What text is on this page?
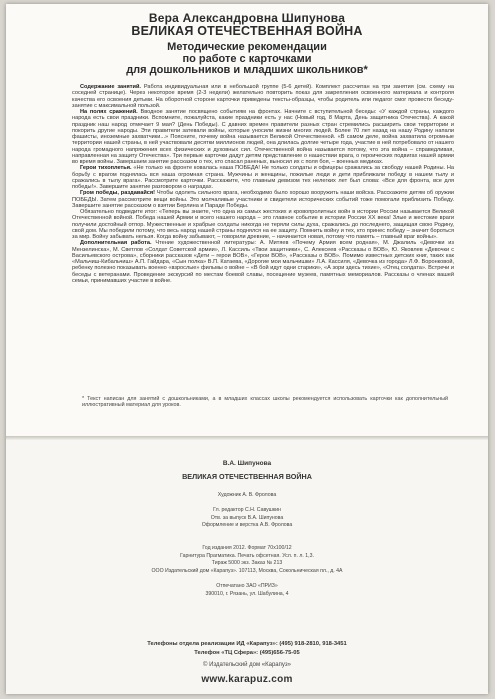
Вера Александровна Шипунова
ВЕЛИКАЯ ОТЕЧЕСТВЕННАЯ ВОЙНА
Методические рекомендации
по работе с карточками
для дошкольников и младших школьников*

Содержание занятий. Работа индивидуальная или в небольшой группе (5-6 детей). Комплект рассчитан на три занятия (см. схему на соседней странице). Через некоторое время (2-3 недели) желательно повторить показ для закрепления освоенного материала и контроля качества его освоения детьми. На оборотной стороне карточки приведены тексты-образцы, чтобы родитель или педагог смог провести беседу-занятие с максимальной пользой.

На полях сражений. Вводное занятие посвящено событиям на фронтах. Начните с вступительной беседы: «У каждой страны, каждого народа есть свои праздники. Вспомните, пожалуйста, какие праздники есть у нас (Новый год, 8 Марта, День защитника Отечества). А какой праздник наш народ отмечает 9 мая? (День Победы). С давних времен правители разных стран стремились расширить свои территории и покорить другие народы. Эти правители затевали войны, которые уносили жизни многих людей. Более 70 лет назад на нашу Родину напали фашисты, иноземные захватчики...» Поясните, почему война называется Великой Отечественной. «В самом деле, война захватила огромные территории нашей страны, в ней участвовали десятки миллионов людей, она длилась долгие четыре года, участие в ней потребовало от нашего народа громадного напряжения всех физических и духовных сил. Отечественной война называется потому, что эта война – справедливая, направленная на защиту Отечества». Три первые карточки дадут детям представление о нашествии врага, о героических подвигах нашей армии во время войны. Завершаем занятие рассказом о тех, кто спасал раненых, выносил их с поля боя, – военных медиках.

Герои тихоплетья. «Не только на фронте ковалась наша ПОБЕДА! Не только солдаты и офицеры сражались за свободу нашей Родины. На борьбу с врагом поднялась вся наша огромная страна. Мужчины и женщины, пожилые люди и дети приближали победу в нашем тылу и сражались в тылу врага». Рассмотрите карточки. Расскажите, что главным девизом тех нелегких лет был слова: «Все для фронта, все для победы!». Завершите занятие разговором о наградах.

Гром победы, раздавайся! Чтобы одолеть сильного врага, необходимо было хорошо вооружить наши войска. Расскажите детям об оружии ПОБЕДЫ. Затем рассмотрите вещи войны. Это молчаливые участники и свидетели исторических событий тоже помогали приблизить Победу. Завершите занятие рассказом о взятии Берлина и Параде Победы.

Обязательно подведите итог: «Теперь вы знаете, что одна из самых жестоких и кровопролитных войн в истории России называется Великой Отечественной войной. Победа нашей Армии и всего нашего народа – это главное событие в истории России XX века! Злые и жестокие враги получили достойный отпор. Мужественные и храбрые солдаты никогда не теряли силы духа, сражались до последнего, защищая свою Родину, свой дом. Мы победили потому, что весь народ нашей страны поднялся на ее защиту. Помнить войну и тех, кто принес победу – значит бороться за мир. Войну забывать нельзя. Когда войну забывают, – говорили древние, – начинается новая, потому что память – главный враг войны».

Дополнительная работа. Чтение художественной литературы: А. Митяев «Почему Армия всем родная», М. Джалиль «Девочки из Мензелинска», М. Светлов «Солдат Советской армии», Л. Кассиль «Твои защитники», С. Алексеев «Рассказы о ВОВ», Ю. Яковлев «Девочки с Васильевского острова», сборники рассказов «Дети – герои ВОВ», «Герои ВОВ», «Рассказы о ВОВ». Помимо известных детских книг, таких как «Мальчиш-Кибальчиш» А.П. Гайдара, «Сын полка» В.П. Катаева, «Дорогие мои мальчишки» Л.А. Кассиля, «Девочка из города» Л.Ф. Воронковой, ребенку полезно показывать военно «взрослые» фильмы о войне – «В бой идут одни старики», «А зори здесь тихие», «Отец солдата». Встречи и беседы с ветеранами. Проведение экскурсий по местам боевой славы, посещение музеев, памятных мемориалов. Рассказы о членах вашей семьи, принимавших участие в войне.

* Текст написан для занятий с дошкольниками, а в младших классах школы рекомендуется использовать карточки как дополнительный иллюстративный материал для уроков.
В.А. Шипунова
ВЕЛИКАЯ ОТЕЧЕСТВЕННАЯ ВОЙНА
Художник А. В. Фролова

Гл. редактор С.Н. Савушкин
Отв. за выпуск В.А. Шипунова
Оформление и верстка А.В. Фролова

Год издания 2012. Формат 70х100/12
Гарнитура Прагматика. Печать офсетная. Усл. п. л. 1,3.
Тираж 5000 экз. Заказ № 213
ООО Издательский дом «Карапуз». 107113, Москва, Сокольническая пл., д. 4А

Отпечатано ЗАО «ПРИЗ»
390010, г. Рязань, ул. Шабулина, 4
Телефоны отдела реализации ИД «Карапуз»: (495) 918-2810, 918-3451
Телефон «ТЦ Сфера»: (495)656-75-05
© Издательский дом «Карапуз»
www.karapuz.com
